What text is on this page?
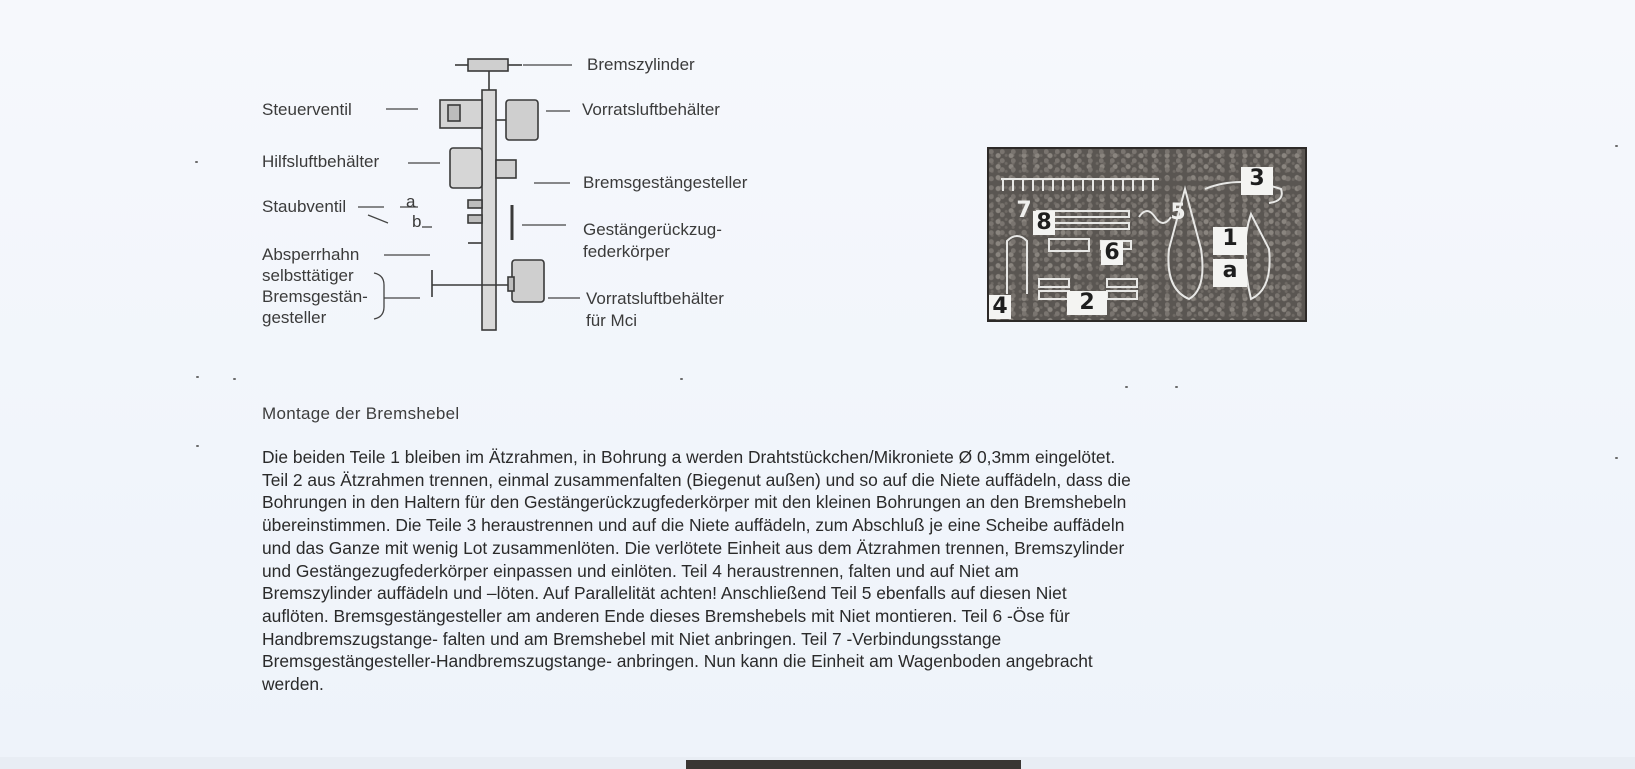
Bremszylinder
Steuerventil	Vorratsluftbehälter
Hilfsluftbehälter
Bremsgestängesteller
Staubventil	a
b	Gestängerückzug-
federkörper
Absperrhahn
selbsttätiger
Bremsgestän-
gesteller
Vorratsluftbehälter
für Mci
3
7 8	5
6
1
a
2
4
Montage der Bremshebel
Die beiden Teile 1 bleiben im Ätzrahmen, in Bohrung a werden Drahtstückchen/Mikroniete Ø 0,3mm eingelötet.
Teil 2 aus Ätzrahmen trennen, einmal zusammenfalten (Biegenut außen) und so auf die Niete auffädeln, dass die
Bohrungen in den Haltern für den Gestängerückzugfederkörper mit den kleinen Bohrungen an den Bremshebeln
übereinstimmen. Die Teile 3 heraustrennen und auf die Niete auffädeln, zum Abschluß je eine Scheibe auffädeln
und das Ganze mit wenig Lot zusammenlöten. Die verlötete Einheit aus dem Ätzrahmen trennen, Bremszylinder
und Gestängezugfederkörper einpassen und einlöten. Teil 4 heraustrennen, falten und auf Niet am
Bremszylinder auffädeln und –löten. Auf Parallelität achten! Anschließend Teil 5 ebenfalls auf diesen Niet
auflöten. Bremsgestängesteller am anderen Ende dieses Bremshebels mit Niet montieren. Teil 6 -Öse für
Handbremszugstange- falten und am Bremshebel mit Niet anbringen. Teil 7 -Verbindungsstange
Bremsgestängesteller-Handbremszugstange- anbringen. Nun kann die Einheit am Wagenboden angebracht
werden.
